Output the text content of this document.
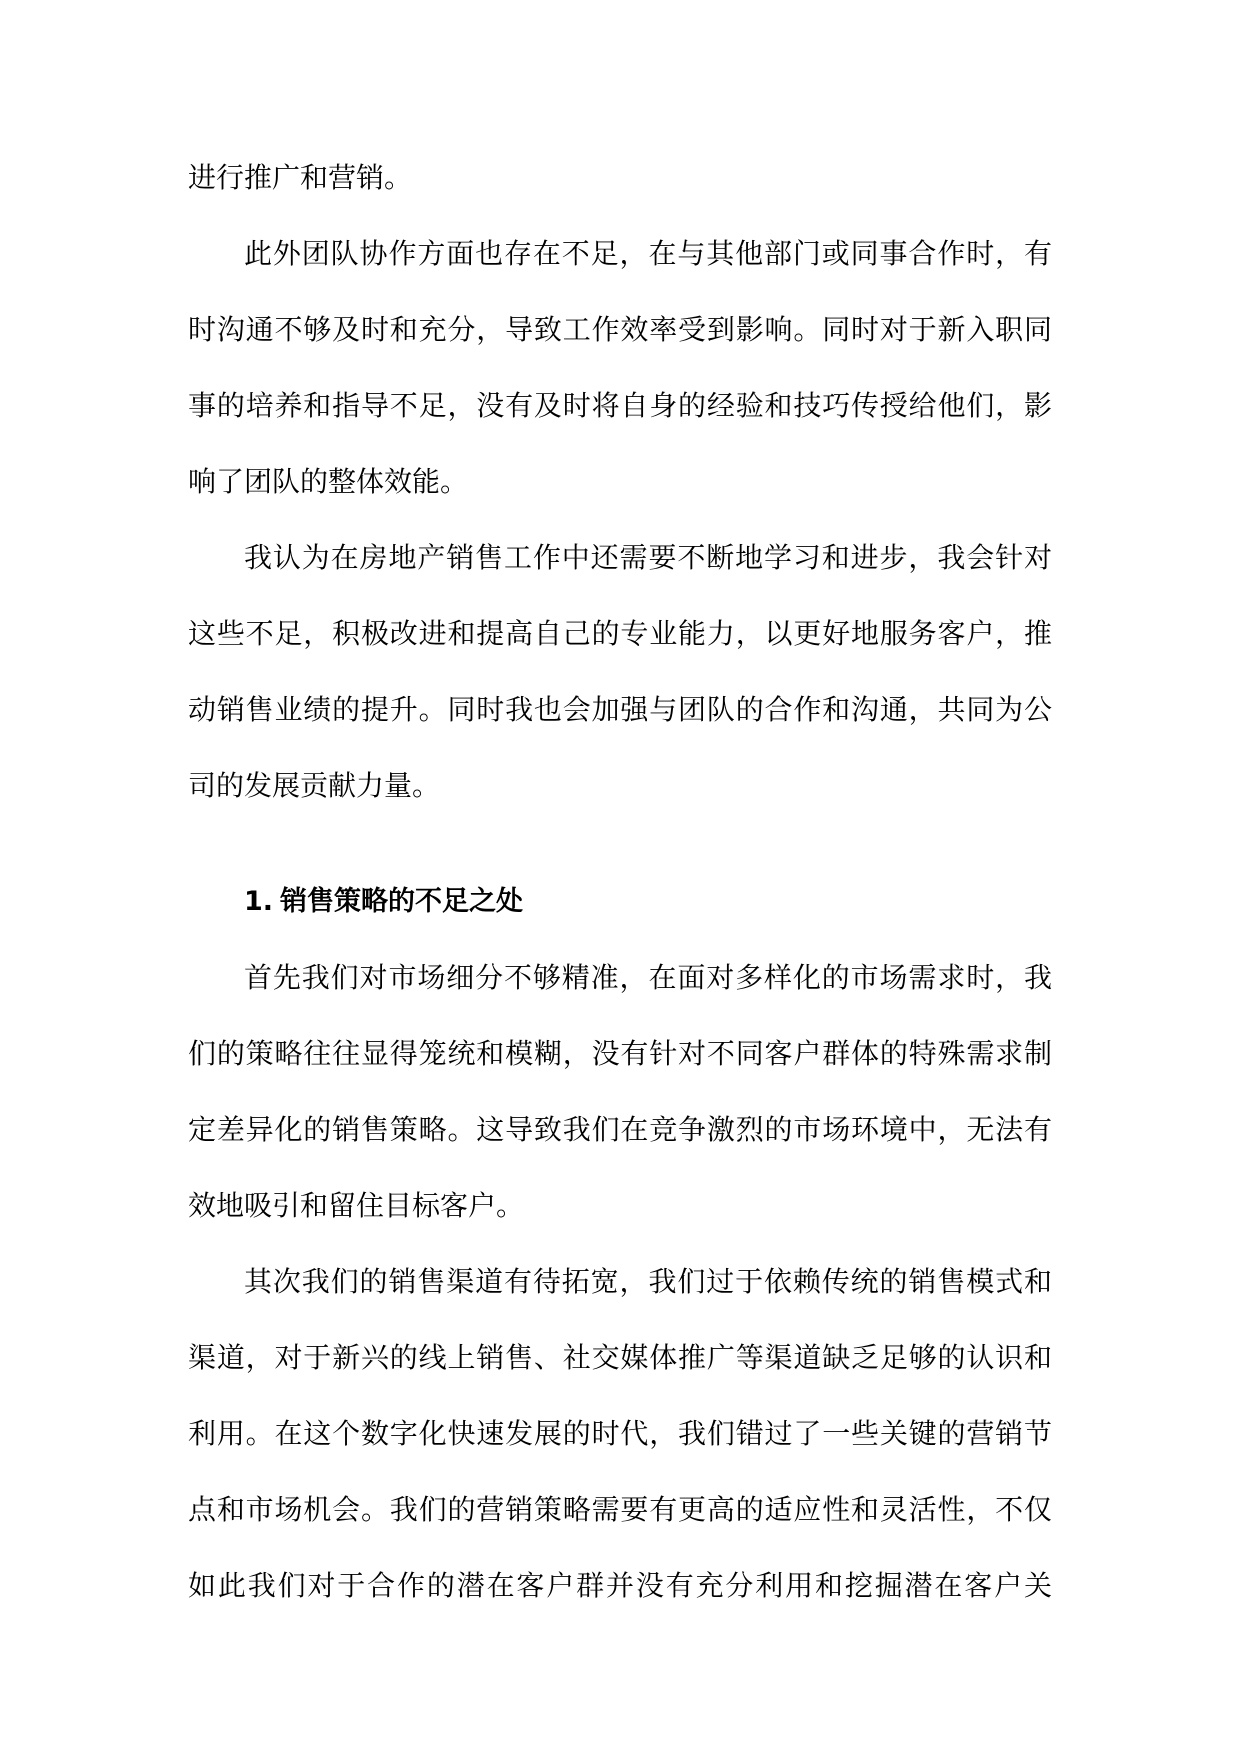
进行推广和营销。
此外团队协作方面也存在不足，在与其他部门或同事合作时，有
时沟通不够及时和充分，导致工作效率受到影响。同时对于新入职同
事的培养和指导不足，没有及时将自身的经验和技巧传授给他们，影
响了团队的整体效能。
我认为在房地产销售工作中还需要不断地学习和进步，我会针对
这些不足，积极改进和提高自己的专业能力，以更好地服务客户，推
动销售业绩的提升。同时我也会加强与团队的合作和沟通，共同为公
司的发展贡献力量。
1. 销售策略的不足之处
首先我们对市场细分不够精准，在面对多样化的市场需求时，我
们的策略往往显得笼统和模糊，没有针对不同客户群体的特殊需求制
定差异化的销售策略。这导致我们在竞争激烈的市场环境中，无法有
效地吸引和留住目标客户。
其次我们的销售渠道有待拓宽，我们过于依赖传统的销售模式和
渠道，对于新兴的线上销售、社交媒体推广等渠道缺乏足够的认识和
利用。在这个数字化快速发展的时代，我们错过了一些关键的营销节
点和市场机会。我们的营销策略需要有更高的适应性和灵活性，不仅
如此我们对于合作的潜在客户群并没有充分利用和挖掘潜在客户关
